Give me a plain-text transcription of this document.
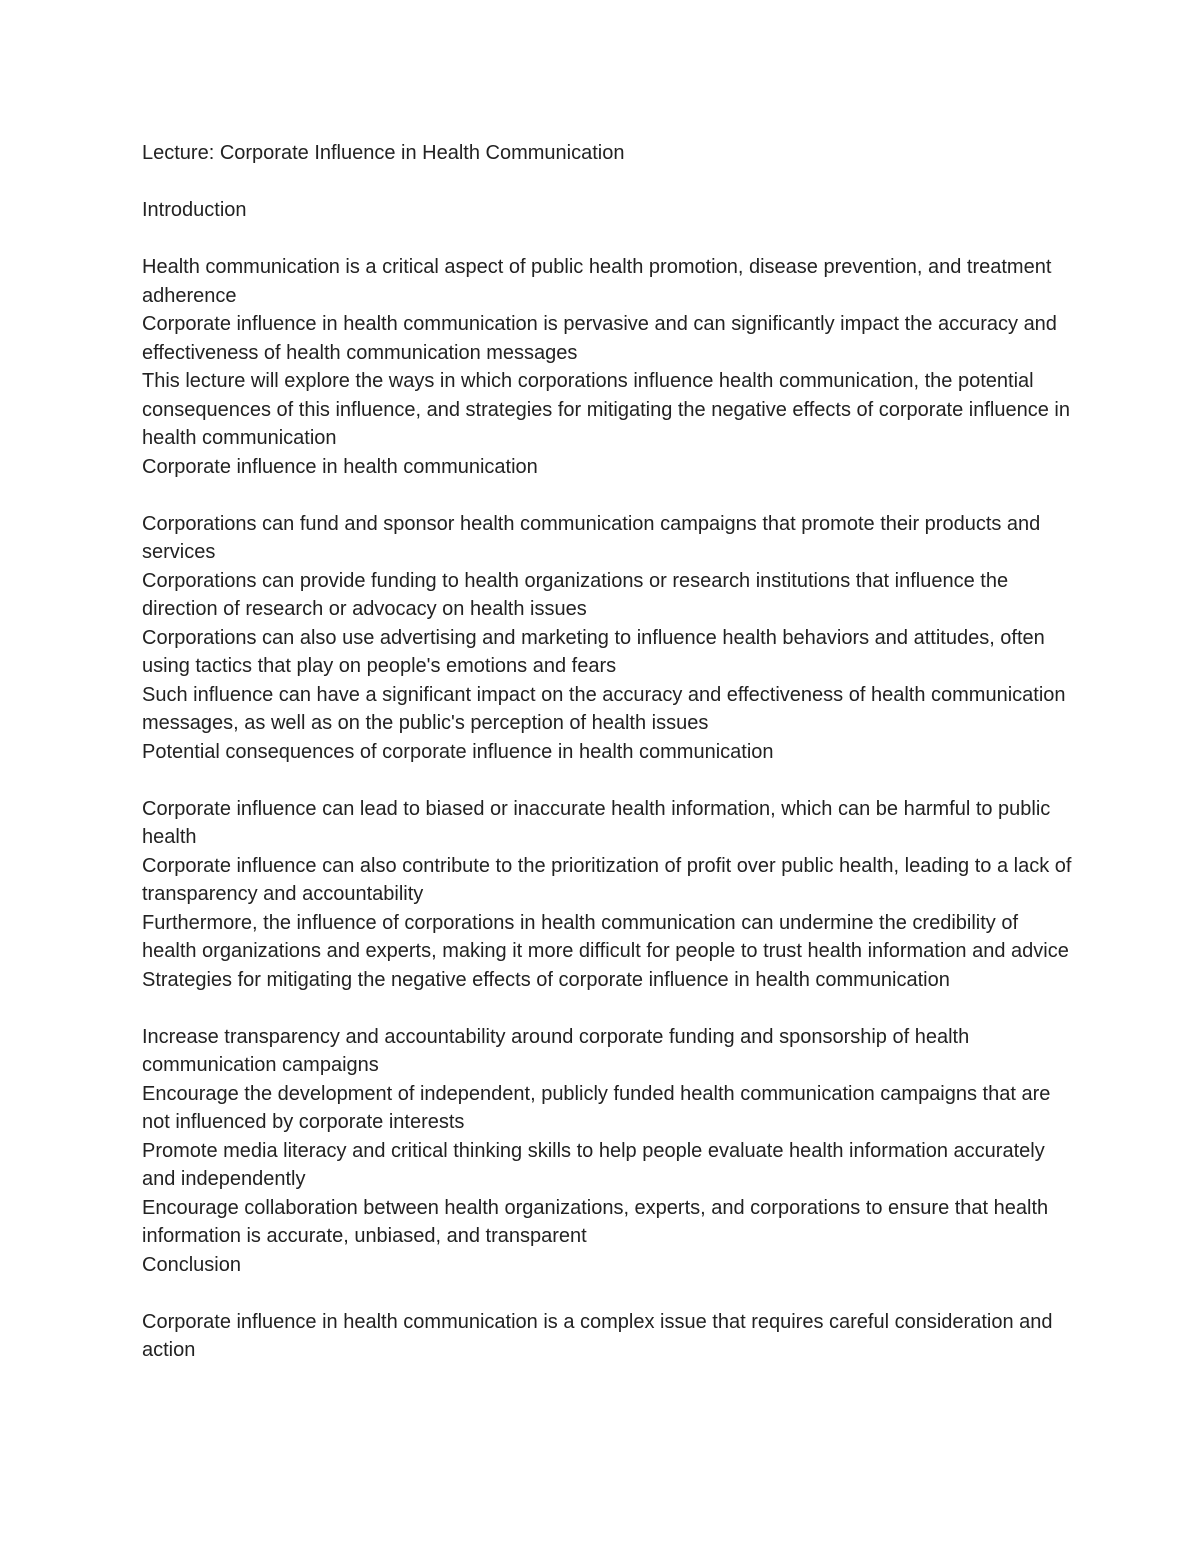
Lecture: Corporate Influence in Health Communication

Introduction

Health communication is a critical aspect of public health promotion, disease prevention, and treatment adherence

Corporate influence in health communication is pervasive and can significantly impact the accuracy and effectiveness of health communication messages

This lecture will explore the ways in which corporations influence health communication, the potential consequences of this influence, and strategies for mitigating the negative effects of corporate influence in health communication

Corporate influence in health communication

Corporations can fund and sponsor health communication campaigns that promote their products and services

Corporations can provide funding to health organizations or research institutions that influence the direction of research or advocacy on health issues

Corporations can also use advertising and marketing to influence health behaviors and attitudes, often using tactics that play on people's emotions and fears

Such influence can have a significant impact on the accuracy and effectiveness of health communication messages, as well as on the public's perception of health issues

Potential consequences of corporate influence in health communication

Corporate influence can lead to biased or inaccurate health information, which can be harmful to public health

Corporate influence can also contribute to the prioritization of profit over public health, leading to a lack of transparency and accountability

Furthermore, the influence of corporations in health communication can undermine the credibility of health organizations and experts, making it more difficult for people to trust health information and advice

Strategies for mitigating the negative effects of corporate influence in health communication

Increase transparency and accountability around corporate funding and sponsorship of health communication campaigns

Encourage the development of independent, publicly funded health communication campaigns that are not influenced by corporate interests

Promote media literacy and critical thinking skills to help people evaluate health information accurately and independently

Encourage collaboration between health organizations, experts, and corporations to ensure that health information is accurate, unbiased, and transparent

Conclusion

Corporate influence in health communication is a complex issue that requires careful consideration and action
